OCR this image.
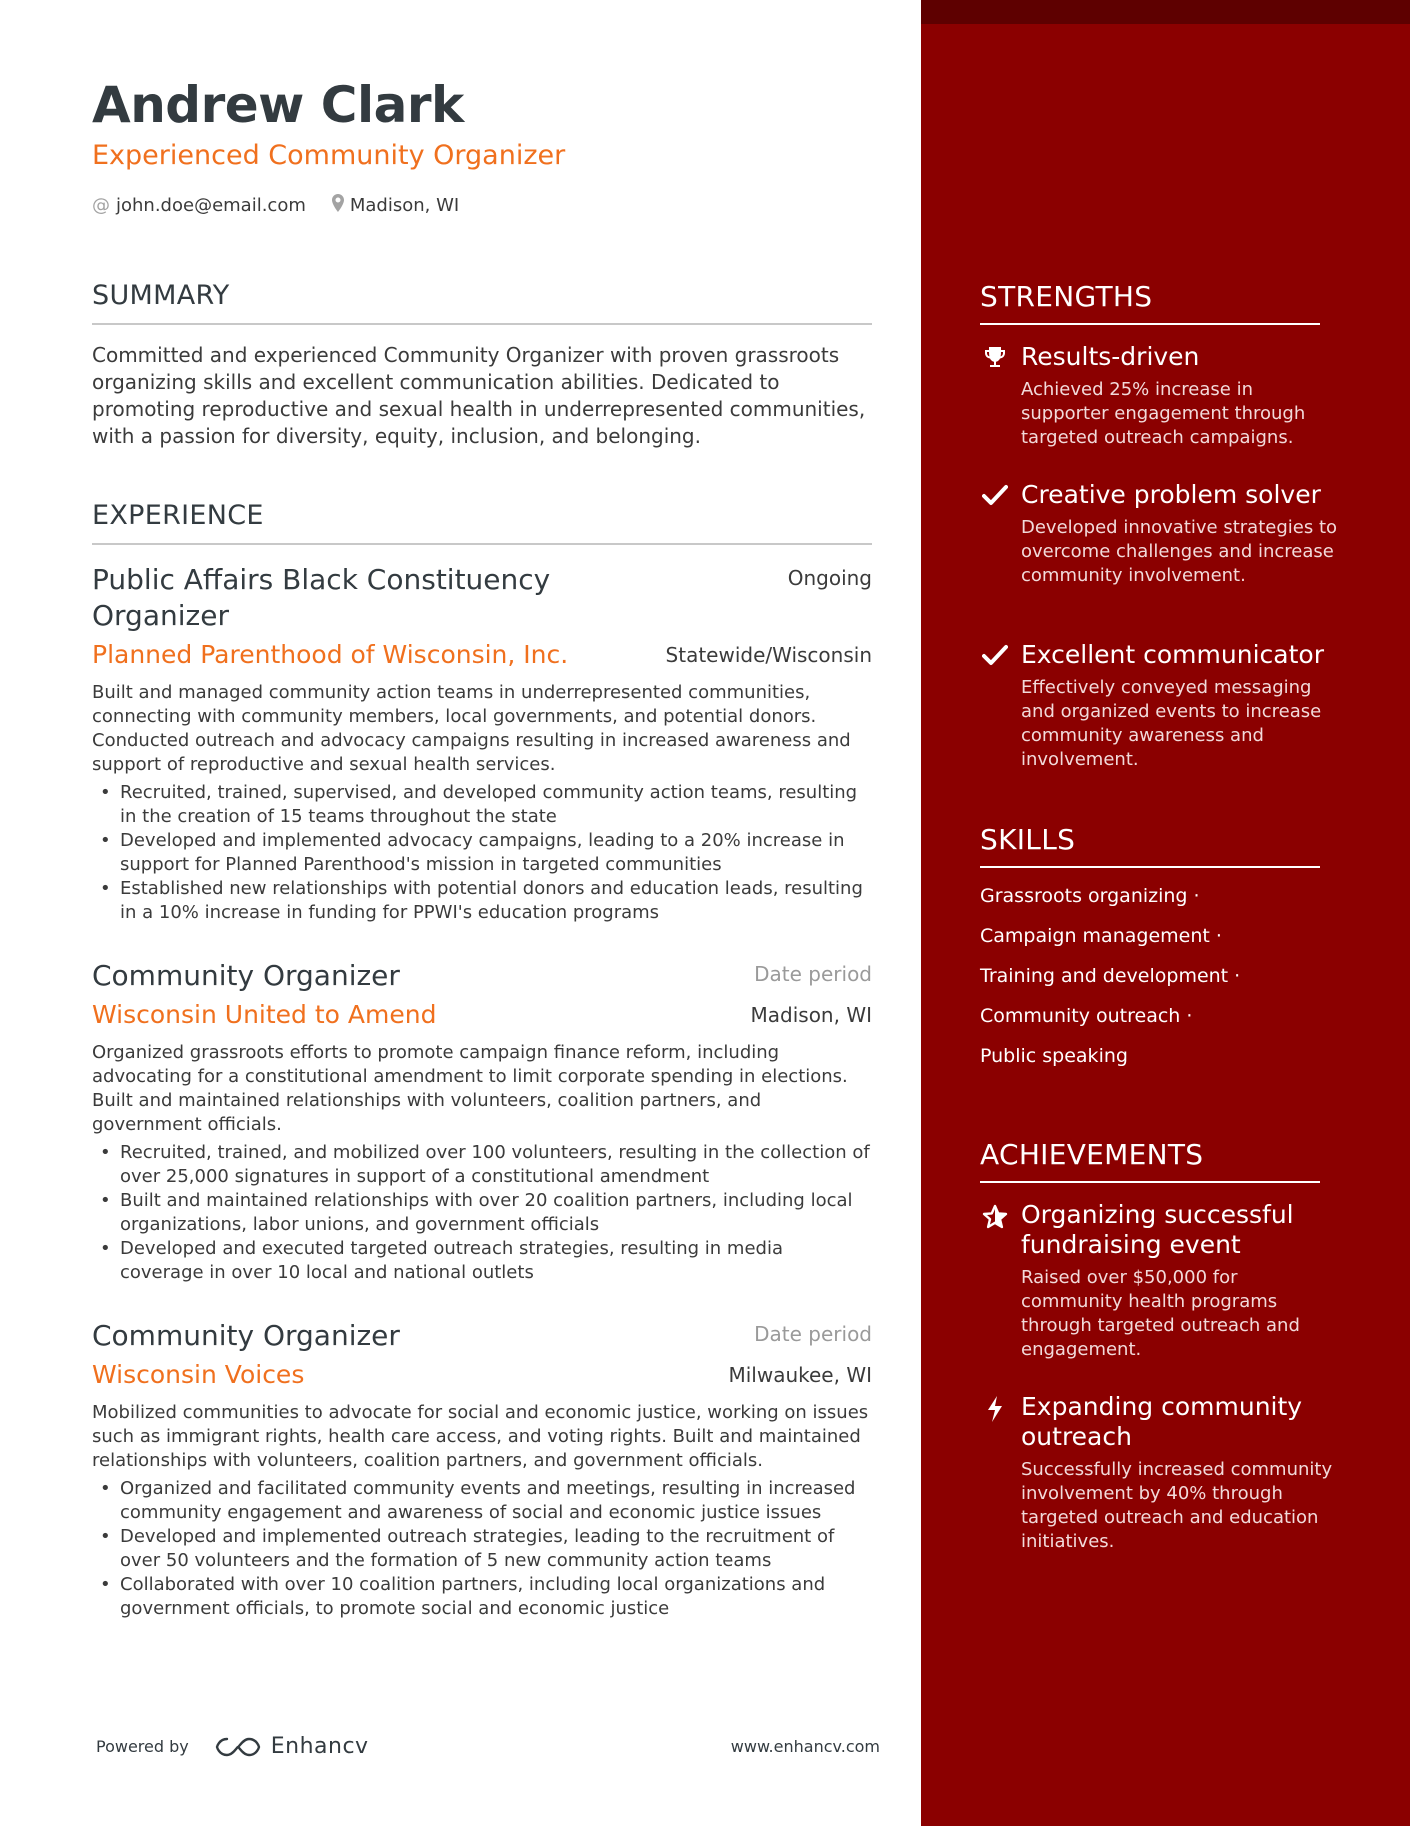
Andrew Clark
Experienced Community Organizer
@ john.doe@email.com Madison, WI
SUMMARY
Committed and experienced Community Organizer with proven grassroots organizing skills and excellent communication abilities. Dedicated to promoting reproductive and sexual health in underrepresented communities, with a passion for diversity, equity, inclusion, and belonging.
EXPERIENCE
Public Affairs Black Constituency Organizer
Ongoing
Planned Parenthood of Wisconsin, Inc.	Statewide/Wisconsin
Built and managed community action teams in underrepresented communities, connecting with community members, local governments, and potential donors. Conducted outreach and advocacy campaigns resulting in increased awareness and support of reproductive and sexual health services.
• Recruited, trained, supervised, and developed community action teams, resulting in the creation of 15 teams throughout the state
• Developed and implemented advocacy campaigns, leading to a 20% increase in support for Planned Parenthood's mission in targeted communities
• Established new relationships with potential donors and education leads, resulting in a 10% increase in funding for PPWI's education programs
Community Organizer	Date period
Wisconsin United to Amend	Madison, WI
Organized grassroots efforts to promote campaign finance reform, including advocating for a constitutional amendment to limit corporate spending in elections. Built and maintained relationships with volunteers, coalition partners, and government officials.
• Recruited, trained, and mobilized over 100 volunteers, resulting in the collection of over 25,000 signatures in support of a constitutional amendment
• Built and maintained relationships with over 20 coalition partners, including local organizations, labor unions, and government officials
• Developed and executed targeted outreach strategies, resulting in media coverage in over 10 local and national outlets
Community Organizer	Date period
Wisconsin Voices	Milwaukee, WI
Mobilized communities to advocate for social and economic justice, working on issues such as immigrant rights, health care access, and voting rights. Built and maintained relationships with volunteers, coalition partners, and government officials.
• Organized and facilitated community events and meetings, resulting in increased community engagement and awareness of social and economic justice issues
• Developed and implemented outreach strategies, leading to the recruitment of over 50 volunteers and the formation of 5 new community action teams
• Collaborated with over 10 coalition partners, including local organizations and government officials, to promote social and economic justice
Powered by	Enhancv	www.enhancv.com
STRENGTHS
Results-driven
Achieved 25% increase in supporter engagement through targeted outreach campaigns.
Creative problem solver
Developed innovative strategies to overcome challenges and increase community involvement.
Excellent communicator
Effectively conveyed messaging and organized events to increase community awareness and involvement.
SKILLS
Grassroots organizing ·
Campaign management ·
Training and development ·
Community outreach ·
Public speaking
ACHIEVEMENTS
Organizing successful fundraising event
Raised over $50,000 for community health programs through targeted outreach and engagement.
Expanding community outreach
Successfully increased community involvement by 40% through targeted outreach and education initiatives.
